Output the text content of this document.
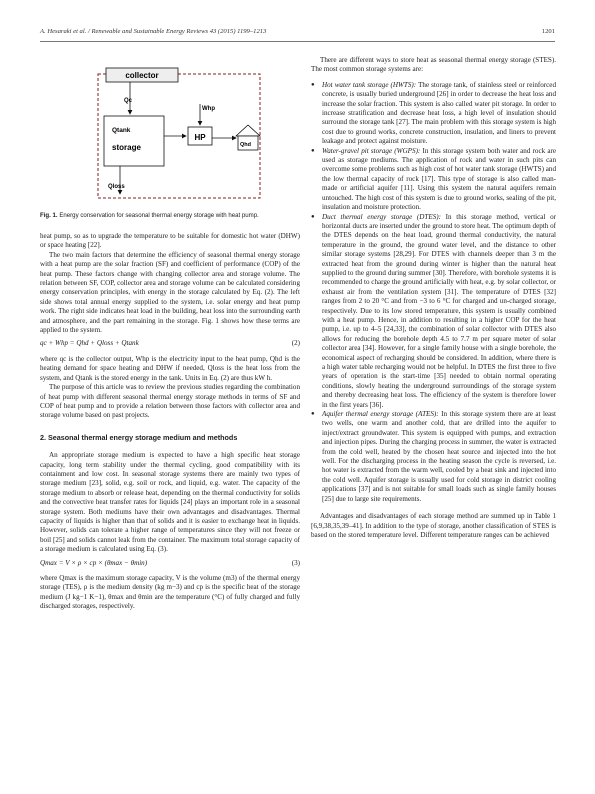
A. Hesaraki et al. / Renewable and Sustainable Energy Reviews 43 (2015) 1199–1213	1201
collector
Qc
Qtank
storage
HP
Whp
Qhd
Qloss
Fig. 1. Energy conservation for seasonal thermal energy storage with heat pump.

heat pump, so as to upgrade the temperature to be suitable for domestic hot water (DHW) or space heating [22].

The two main factors that determine the efficiency of seasonal thermal energy storage with a heat pump are the solar fraction (SF) and coefficient of performance (COP) of the heat pump. These factors change with changing collector area and storage volume. The relation between SF, COP, collector area and storage volume can be calculated considering energy conservation principles, with energy in the storage calculated by Eq. (2). The left side shows total annual energy supplied to the system, i.e. solar energy and heat pump work. The right side indicates heat load in the building, heat loss into the surrounding earth and atmosphere, and the part remaining in the storage. Fig. 1 shows how these terms are applied to the system.

qc + Whp = Qhd + Qloss + Qtank	(2)

where qc is the collector output, Whp is the electricity input to the heat pump, Qhd is the heating demand for space heating and DHW if needed, Qloss is the heat loss from the system, and Qtank is the stored energy in the tank. Units in Eq. (2) are thus kW h.

The purpose of this article was to review the previous studies regarding the combination of heat pump with different seasonal thermal energy storage methods in terms of SF and COP of heat pump and to provide a relation between those factors with collector area and storage volume based on past projects.

2. Seasonal thermal energy storage medium and methods

An appropriate storage medium is expected to have a high specific heat storage capacity, long term stability under the thermal cycling, good compatibility with its containment and low cost. In seasonal storage systems there are mainly two types of storage medium [23], solid, e.g. soil or rock, and liquid, e.g. water. The capacity of the storage medium to absorb or release heat, depending on the thermal conductivity for solids and the convective heat transfer rates for liquids [24] plays an important role in a seasonal storage system. Both mediums have their own advantages and disadvantages. Thermal capacity of liquids is higher than that of solids and it is easier to exchange heat in liquids. However, solids can tolerate a higher range of temperatures since they will not freeze or boil [25] and solids cannot leak from the container. The maximum total storage capacity of a storage medium is calculated using Eq. (3).

Qmax = V × ρ × cp × (θmax − θmin)	(3)

where Qmax is the maximum storage capacity, V is the volume (m3) of the thermal energy storage (TES), ρ is the medium density (kg m−3) and cp is the specific heat of the storage medium (J kg−1 K−1), θmax and θmin are the temperature (°C) of fully charged and fully discharged storages, respectively.

There are different ways to store heat as seasonal thermal energy storage (STES). The most common storage systems are:

● Hot water tank storage (HWTS): The storage tank, of stainless steel or reinforced concrete, is usually buried underground [26] in order to decrease the heat loss and increase the solar fraction. This system is also called water pit storage. In order to increase stratification and decrease heat loss, a high level of insulation should surround the storage tank [27]. The main problem with this storage system is high cost due to ground works, concrete construction, insulation, and liners to prevent leakage and protect against moisture.
● Water-gravel pit storage (WGPS): In this storage system both water and rock are used as storage mediums. The application of rock and water in such pits can overcome some problems such as high cost of hot water tank storage (HWTS) and the low thermal capacity of rock [17]. This type of storage is also called man-made or artificial aquifer [11]. Using this system the natural aquifers remain untouched. The high cost of this system is due to ground works, sealing of the pit, insulation and moisture protection.
● Duct thermal energy storage (DTES): In this storage method, vertical or horizontal ducts are inserted under the ground to store heat. The optimum depth of the DTES depends on the heat load, ground thermal conductivity, the natural temperature in the ground, the ground water level, and the distance to other similar storage systems [28,29]. For DTES with channels deeper than 3 m the extracted heat from the ground during winter is higher than the natural heat supplied to the ground during summer [30]. Therefore, with borehole systems it is recommended to charge the ground artificially with heat, e.g. by solar collector, or exhaust air from the ventilation system [31]. The temperature of DTES [32] ranges from 2 to 20 °C and from −3 to 6 °C for charged and un-charged storage, respectively. Due to its low stored temperature, this system is usually combined with a heat pump. Hence, in addition to resulting in a higher COP for the heat pump, i.e. up to 4–5 [24,33], the combination of solar collector with DTES also allows for reducing the borehole depth 4.5 to 7.7 m per square meter of solar collector area [34]. However, for a single family house with a single borehole, the economical aspect of recharging should be considered. In addition, where there is a high water table recharging would not be helpful. In DTES the first three to five years of operation is the start-time [35] needed to obtain normal operating conditions, slowly heating the underground surroundings of the storage system and thereby decreasing heat loss. The efficiency of the system is therefore lower in the first years [36].
● Aquifer thermal energy storage (ATES): In this storage system there are at least two wells, one warm and another cold, that are drilled into the aquifer to inject/extract groundwater. This system is equipped with pumps, and extraction and injection pipes. During the charging process in summer, the water is extracted from the cold well, heated by the chosen heat source and injected into the hot well. For the discharging process in the heating season the cycle is reversed, i.e. hot water is extracted from the warm well, cooled by a heat sink and injected into the cold well. Aquifer storage is usually used for cold storage in district cooling applications [37] and is not suitable for small loads such as single family houses [25] due to large site requirements.

Advantages and disadvantages of each storage method are summed up in Table 1 [6,9,38,35,39–41]. In addition to the type of storage, another classification of STES is based on the stored temperature level. Different temperature ranges can be achieved
